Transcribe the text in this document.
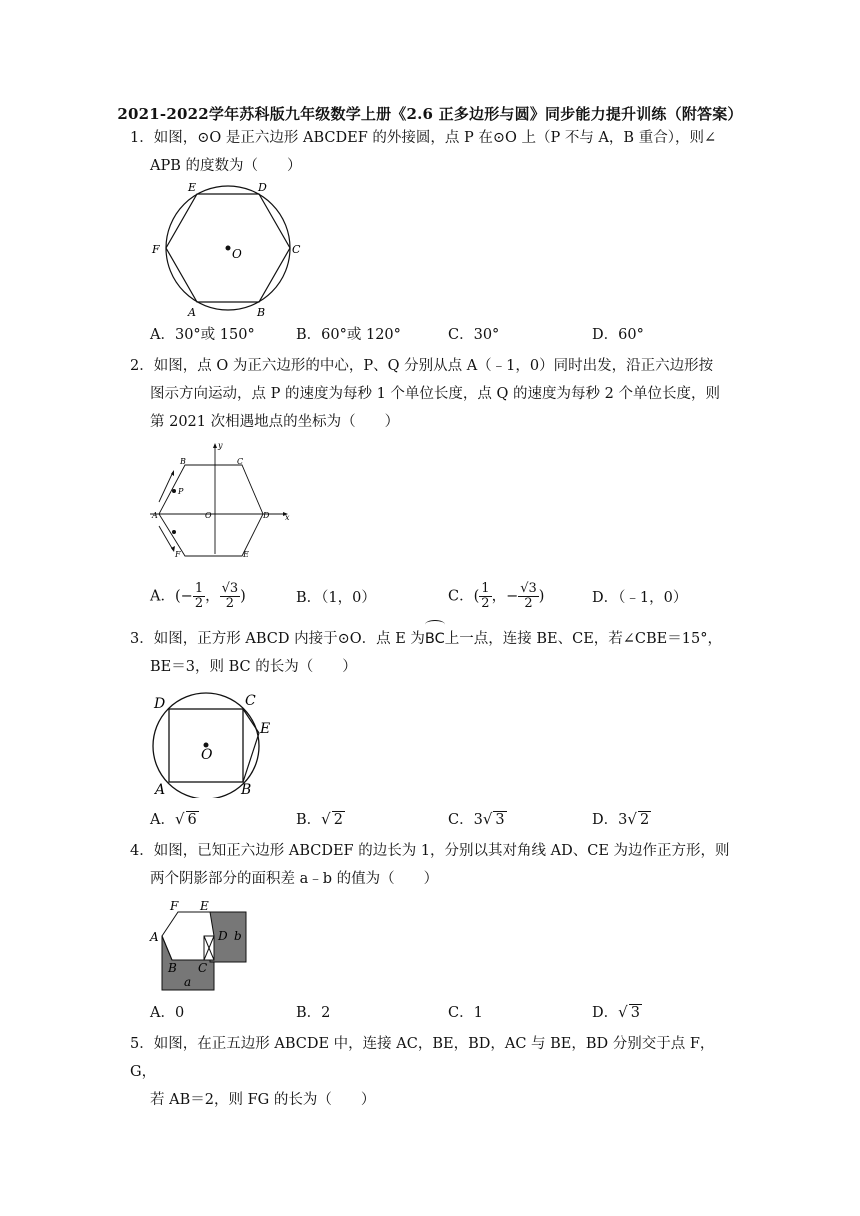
2021-2022学年苏科版九年级数学上册《2.6 正多边形与圆》同步能力提升训练（附答案）
1．如图，⊙O 是正六边形 ABCDEF 的外接圆，点 P 在⊙O 上（P 不与 A，B 重合），则∠
APB 的度数为（　　）
O
A	B
C
D
E
F
A．30°或 150°	B．60°或 120°	C．30°	D．60°
2．如图，点 O 为正六边形的中心，P、Q 分别从点 A（﹣1，0）同时出发，沿正六边形按
图示方向运动，点 P 的速度为每秒 1 个单位长度，点 Q 的速度为每秒 2 个单位长度，则
第 2021 次相遇地点的坐标为（　　）
P
F
B	C
A	D
E
O
y
x
A．(− $\frac{1}{2}$ ， $\frac{√3}{2}$ )	B．（1，0）	C．( $\frac{1}{2}$ ，− $\frac{√3}{2}$ )	D．（﹣1，0）
3．如图，正方形 ABCD 内接于⊙O．点 E 为BC上一点，连接 BE、CE，若∠CBE＝15°，
BE＝3，则 BC 的长为（　　）
O
D	C
E
A	B
A．√ 6	B．√ 2	C．3√ 3	D．3√ 2
4．如图，已知正六边形 ABCDEF 的边长为 1，分别以其对角线 AD、CE 为边作正方形，则
两个阴影部分的面积差 a﹣b 的值为（　　）
F E
A	D b
B C
a
A．0	B．2	C．1	D．√ 3
5．如图，在正五边形 ABCDE 中，连接 AC，BE，BD，AC 与 BE，BD 分别交于点 F，G，
若 AB＝2，则 FG 的长为（　　）
